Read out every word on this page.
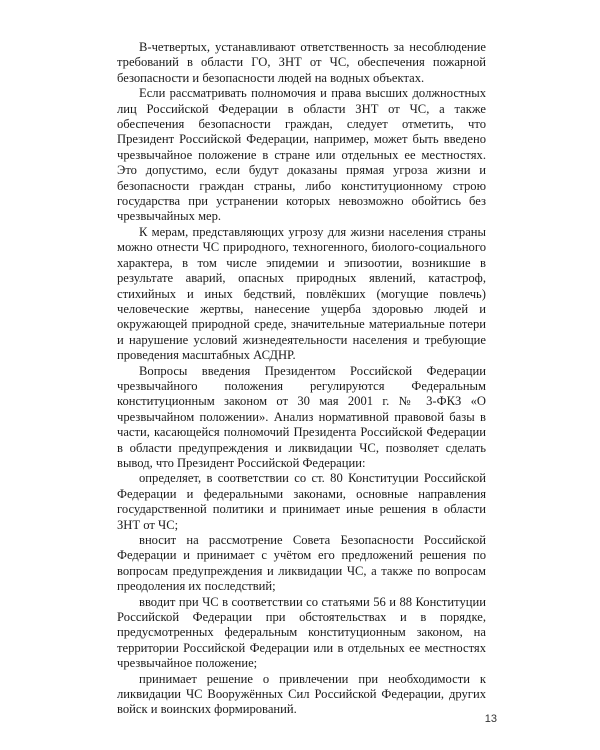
В-четвертых, устанавливают ответственность за несоблюдение требований в области ГО, ЗНТ от ЧС, обеспечения пожарной безопасности и безопасности людей на водных объектах.

Если рассматривать полномочия и права высших должностных лиц Российской Федерации в области ЗНТ от ЧС, а также обеспечения безопасности граждан, следует отметить, что Президент Российской Федерации, например, может быть введено чрезвычайное положение в стране или отдельных ее местностях. Это допустимо, если будут доказаны прямая угроза жизни и безопасности граждан страны, либо конституционному строю государства при устранении которых невозможно обойтись без чрезвычайных мер.

К мерам, представляющих угрозу для жизни населения страны можно отнести ЧС природного, техногенного, биолого-социального характера, в том числе эпидемии и эпизоотии, возникшие в результате аварий, опасных природных явлений, катастроф, стихийных и иных бедствий, повлёкших (могущие повлечь) человеческие жертвы, нанесение ущерба здоровью людей и окружающей природной среде, значительные материальные потери и нарушение условий жизнедеятельности населения и требующие проведения масштабных АСДНР.

Вопросы введения Президентом Российской Федерации чрезвычайного положения регулируются Федеральным конституционным законом от 30 мая 2001 г. № 3-ФКЗ «О чрезвычайном положении». Анализ нормативной правовой базы в части, касающейся полномочий Президента Российской Федерации в области предупреждения и ликвидации ЧС, позволяет сделать вывод, что Президент Российской Федерации:

определяет, в соответствии со ст. 80 Конституции Российской Федерации и федеральными законами, основные направления государственной политики и принимает иные решения в области ЗНТ от ЧС;

вносит на рассмотрение Совета Безопасности Российской Федерации и принимает с учётом его предложений решения по вопросам предупреждения и ликвидации ЧС, а также по вопросам преодоления их последствий;

вводит при ЧС в соответствии со статьями 56 и 88 Конституции Российской Федерации при обстоятельствах и в порядке, предусмотренных федеральным конституционным законом, на территории Российской Федерации или в отдельных ее местностях чрезвычайное положение;

принимает решение о привлечении при необходимости к ликвидации ЧС Вооружённых Сил Российской Федерации, других войск и воинских формирований.

13
